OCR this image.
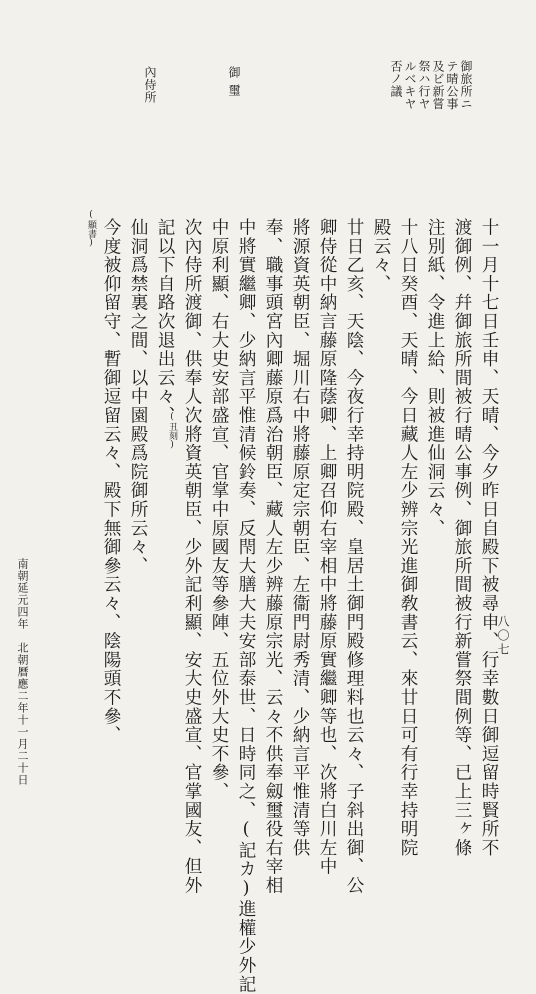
御旅所ニ
テ晴公事
及ビ新嘗
祭ハ行ヤ
ルベキヤ
否ノ議
御璽
內侍所
十一月十七日壬申、天晴、今夕昨日自殿下被尋申、行幸數日御逗留時賢所不
渡御例、幷御旅所間被行晴公事例、御旅所間被行新嘗祭間例等、已上三ヶ條
注別紙、令進上給、則被進仙洞云々、
十八日癸酉、天晴、今日藏人左少辨宗光進御敎書云、來廿日可有行幸持明院
殿云々、
廿日乙亥、天陰、今夜行幸持明院殿、皇居土御門殿修理料也云々、子斜出御、公
卿侍從中納言藤原隆蔭卿、上卿召仰右宰相中將藤原實繼卿等也、次將白川左中
將源資英朝臣、堀川右中將藤原定宗朝臣、左衞門尉秀清、少納言平惟清等供
奉、職事頭宮內卿藤原爲治朝臣、藏人左少辨藤原宗光、云々不供奉劔璽役右宰相
中將實繼卿、少納言平惟清候鈴奏、反閇大膳大夫安部泰世、日時同之、(記カ)進權少外記
中原利顯、右大史安部盛宣、官掌中原國友等參陣、五位外大史不參、
次內侍所渡御、供奉人次將資英朝臣、少外記利顯、安大史盛宣、官掌國友、但外
記以下自路次退出云々、
仙洞爲禁裏之間、以中園殿爲院御所云々、
今度被仰留守、暫御逗留云々、殿下無御參云々、陰陽頭不參、	(丑刻)
(顯書)
南朝延元四年　北朝曆應二年十一月二十日	八〇七
